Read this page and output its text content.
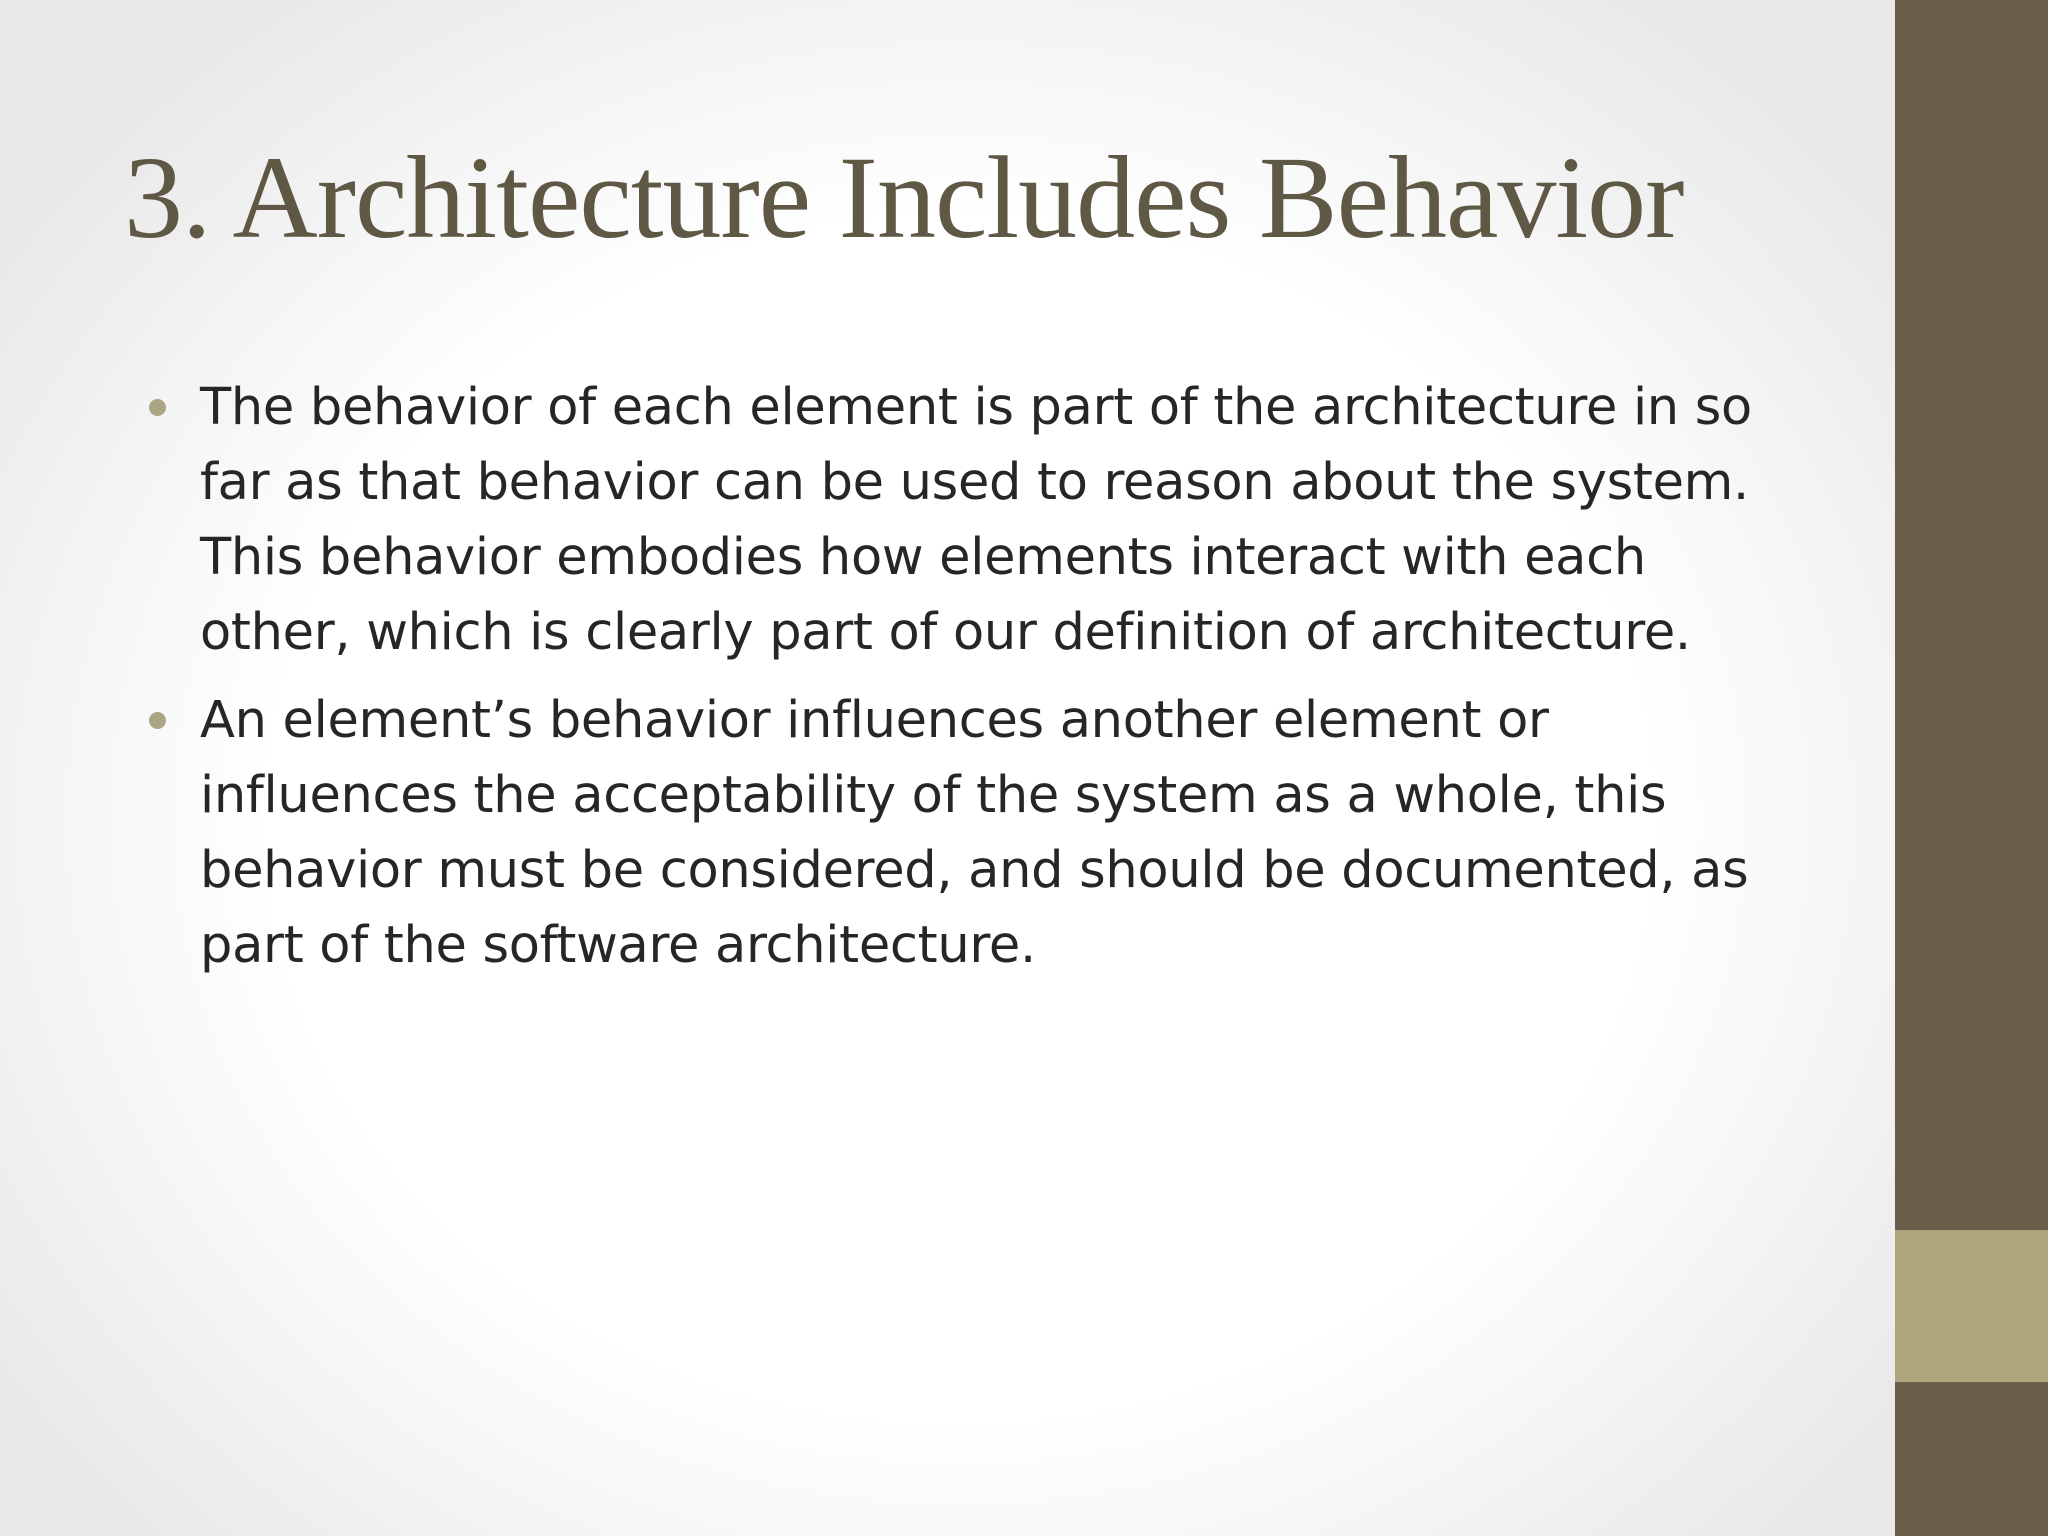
3. Architecture Includes Behavior
The behavior of each element is part of the architecture in so far as that behavior can be used to reason about the system. This behavior embodies how elements interact with each other, which is clearly part of our definition of architecture.
An element’s behavior influences another element or influences the acceptability of the system as a whole, this behavior must be considered, and should be documented, as part of the software architecture.
